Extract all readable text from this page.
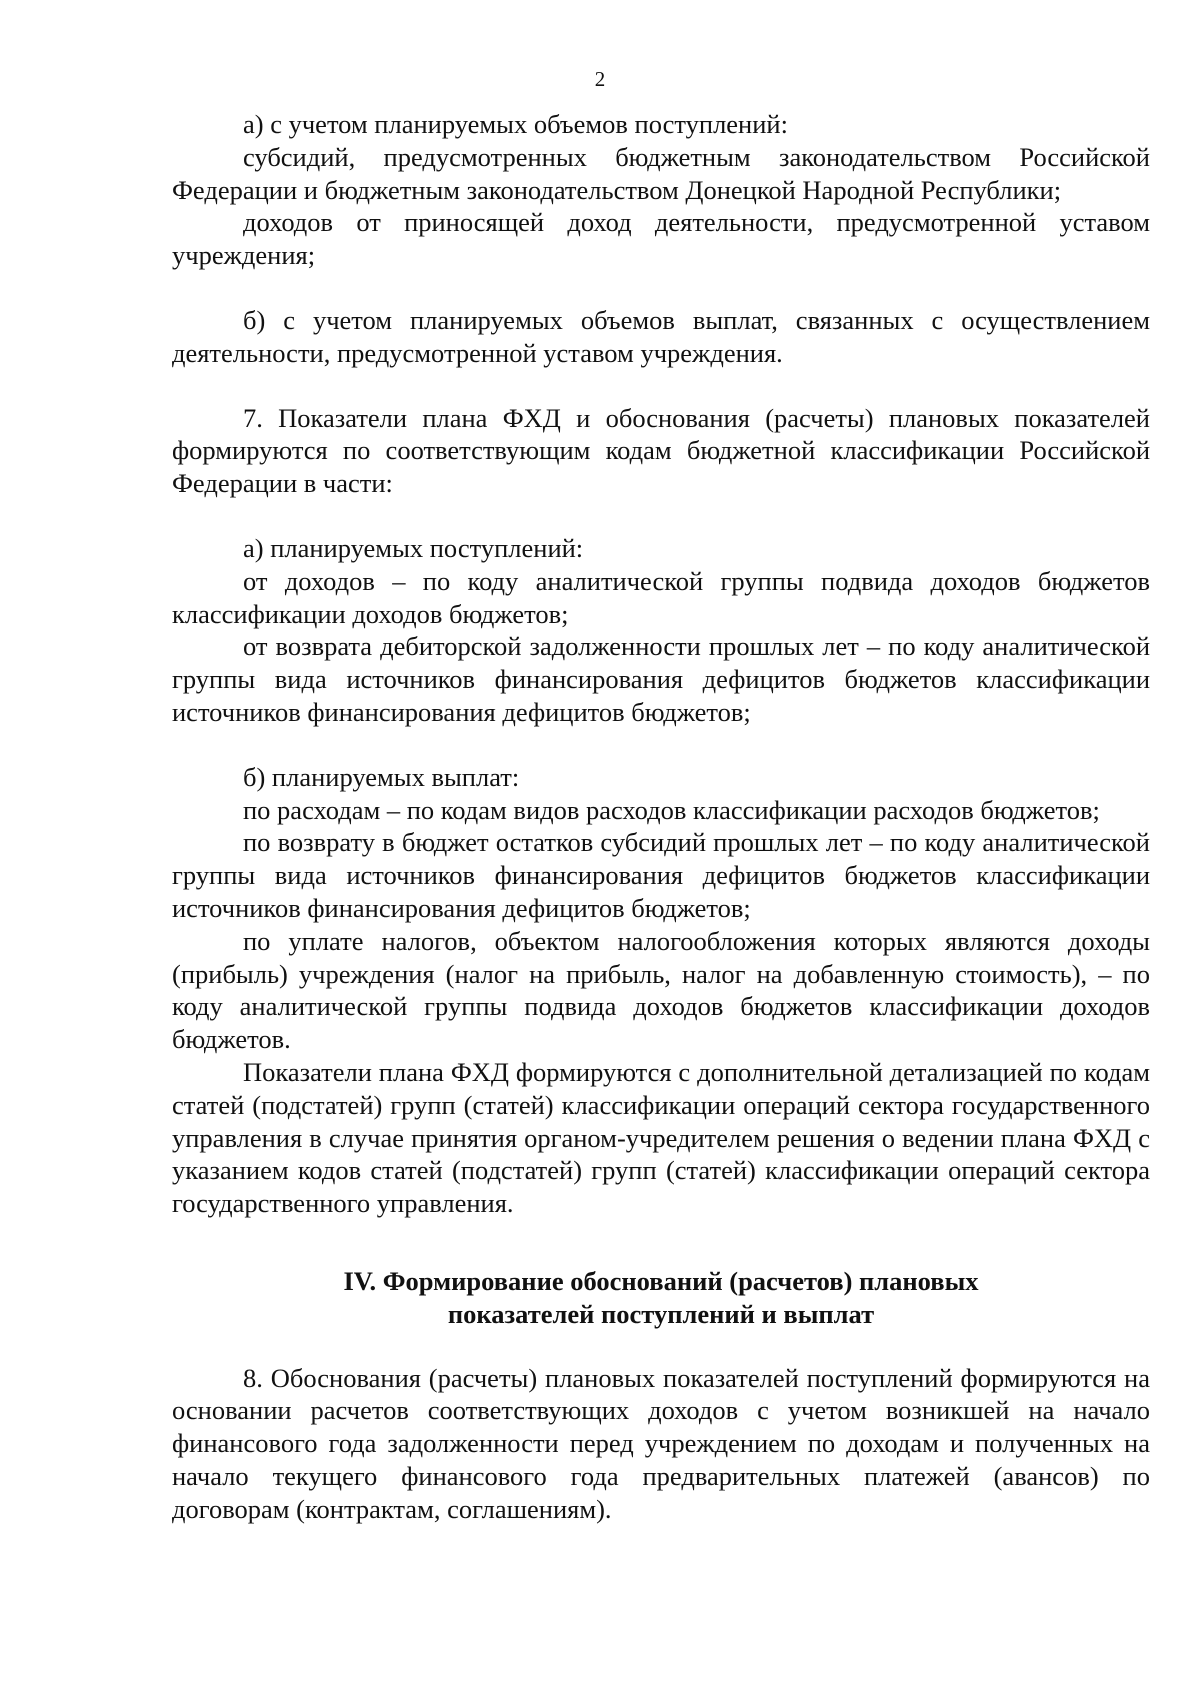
2

а) с учетом планируемых объемов поступлений:

субсидий, предусмотренных бюджетным законодательством Российской Федерации и бюджетным законодательством Донецкой Народной Республики;

доходов от приносящей доход деятельности, предусмотренной уставом учреждения;

б) с учетом планируемых объемов выплат, связанных с осуществлением деятельности, предусмотренной уставом учреждения.

7. Показатели плана ФХД и обоснования (расчеты) плановых показателей формируются по соответствующим кодам бюджетной классификации Российской Федерации в части:

а) планируемых поступлений:

от доходов – по коду аналитической группы подвида доходов бюджетов классификации доходов бюджетов;

от возврата дебиторской задолженности прошлых лет – по коду аналитической группы вида источников финансирования дефицитов бюджетов классификации источников финансирования дефицитов бюджетов;

б) планируемых выплат:

по расходам – по кодам видов расходов классификации расходов бюджетов;

по возврату в бюджет остатков субсидий прошлых лет – по коду аналитической группы вида источников финансирования дефицитов бюджетов классификации источников финансирования дефицитов бюджетов;

по уплате налогов, объектом налогообложения которых являются доходы (прибыль) учреждения (налог на прибыль, налог на добавленную стоимость), – по коду аналитической группы подвида доходов бюджетов классификации доходов бюджетов.

Показатели плана ФХД формируются с дополнительной детализацией по кодам статей (подстатей) групп (статей) классификации операций сектора государственного управления в случае принятия органом-учредителем решения о ведении плана ФХД с указанием кодов статей (подстатей) групп (статей) классификации операций сектора государственного управления.

IV. Формирование обоснований (расчетов) плановых
показателей поступлений и выплат

8. Обоснования (расчеты) плановых показателей поступлений формируются на основании расчетов соответствующих доходов с учетом возникшей на начало финансового года задолженности перед учреждением по доходам и полученных на начало текущего финансового года предварительных платежей (авансов) по договорам (контрактам, соглашениям).
